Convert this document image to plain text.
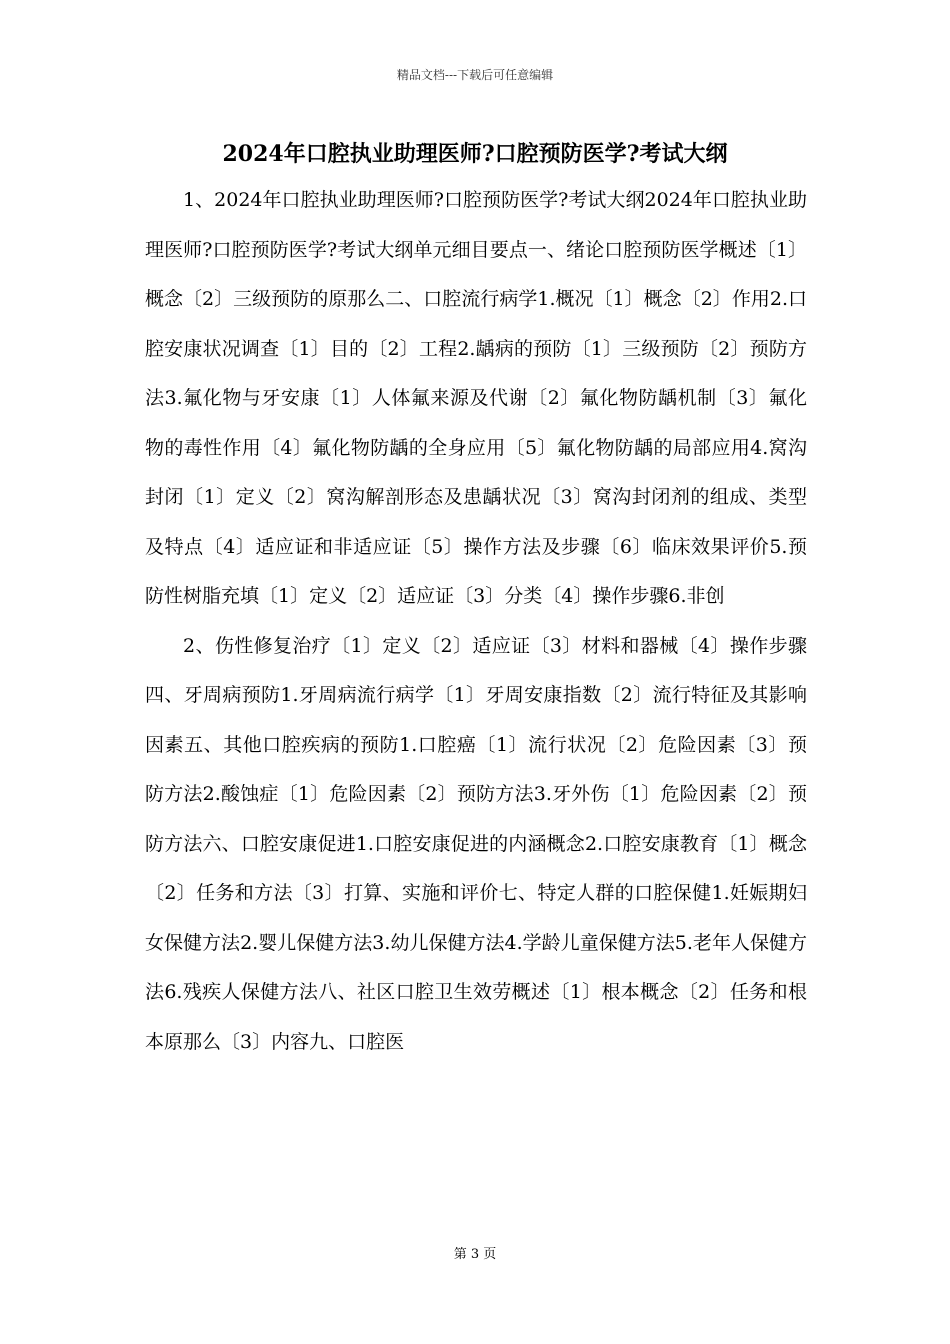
精品文档---下载后可任意编辑
2024年口腔执业助理医师?口腔预防医学?考试大纲

1、2024年口腔执业助理医师?口腔预防医学?考试大纲2024年口腔执业助理医师?口腔预防医学?考试大纲单元细目要点一、绪论口腔预防医学概述〔1〕概念〔2〕三级预防的原那么二、口腔流行病学1.概况〔1〕概念〔2〕作用2.口腔安康状况调查〔1〕目的〔2〕工程2.龋病的预防〔1〕三级预防〔2〕预防方法3.氟化物与牙安康〔1〕人体氟来源及代谢〔2〕氟化物防龋机制〔3〕氟化物的毒性作用〔4〕氟化物防龋的全身应用〔5〕氟化物防龋的局部应用4.窝沟封闭〔1〕定义〔2〕窝沟解剖形态及患龋状况〔3〕窝沟封闭剂的组成、类型及特点〔4〕适应证和非适应证〔5〕操作方法及步骤〔6〕临床效果评价5.预防性树脂充填〔1〕定义〔2〕适应证〔3〕分类〔4〕操作步骤6.非创

2、伤性修复治疗〔1〕定义〔2〕适应证〔3〕材料和器械〔4〕操作步骤四、牙周病预防1.牙周病流行病学〔1〕牙周安康指数〔2〕流行特征及其影响因素五、其他口腔疾病的预防1.口腔癌〔1〕流行状况〔2〕危险因素〔3〕预防方法2.酸蚀症〔1〕危险因素〔2〕预防方法3.牙外伤〔1〕危险因素〔2〕预防方法六、口腔安康促进1.口腔安康促进的内涵概念2.口腔安康教育〔1〕概念〔2〕任务和方法〔3〕打算、实施和评价七、特定人群的口腔保健1.妊娠期妇女保健方法2.婴儿保健方法3.幼儿保健方法4.学龄儿童保健方法5.老年人保健方法6.残疾人保健方法八、社区口腔卫生效劳概述〔1〕根本概念〔2〕任务和根本原那么〔3〕内容九、口腔医

第 3 页
